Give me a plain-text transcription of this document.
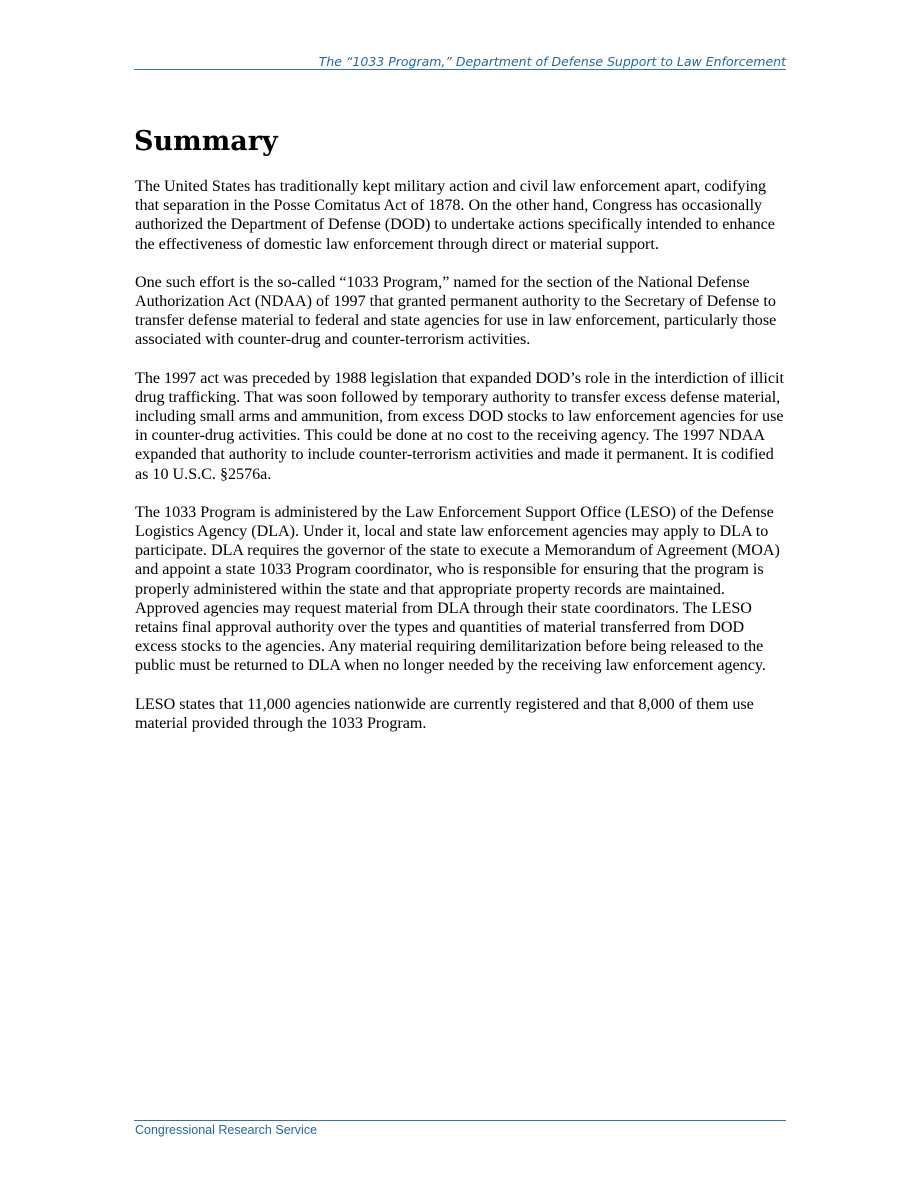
The “1033 Program,” Department of Defense Support to Law Enforcement
Summary

The United States has traditionally kept military action and civil law enforcement apart, codifying that separation in the Posse Comitatus Act of 1878. On the other hand, Congress has occasionally authorized the Department of Defense (DOD) to undertake actions specifically intended to enhance the effectiveness of domestic law enforcement through direct or material support.

One such effort is the so-called “1033 Program,” named for the section of the National Defense Authorization Act (NDAA) of 1997 that granted permanent authority to the Secretary of Defense to transfer defense material to federal and state agencies for use in law enforcement, particularly those associated with counter-drug and counter-terrorism activities.

The 1997 act was preceded by 1988 legislation that expanded DOD’s role in the interdiction of illicit drug trafficking. That was soon followed by temporary authority to transfer excess defense material, including small arms and ammunition, from excess DOD stocks to law enforcement agencies for use in counter-drug activities. This could be done at no cost to the receiving agency. The 1997 NDAA expanded that authority to include counter-terrorism activities and made it permanent. It is codified as 10 U.S.C. §2576a.

The 1033 Program is administered by the Law Enforcement Support Office (LESO) of the Defense Logistics Agency (DLA). Under it, local and state law enforcement agencies may apply to DLA to participate. DLA requires the governor of the state to execute a Memorandum of Agreement (MOA) and appoint a state 1033 Program coordinator, who is responsible for ensuring that the program is properly administered within the state and that appropriate property records are maintained. Approved agencies may request material from DLA through their state coordinators. The LESO retains final approval authority over the types and quantities of material transferred from DOD excess stocks to the agencies. Any material requiring demilitarization before being released to the public must be returned to DLA when no longer needed by the receiving law enforcement agency.

LESO states that 11,000 agencies nationwide are currently registered and that 8,000 of them use material provided through the 1033 Program.

Congressional Research Service
